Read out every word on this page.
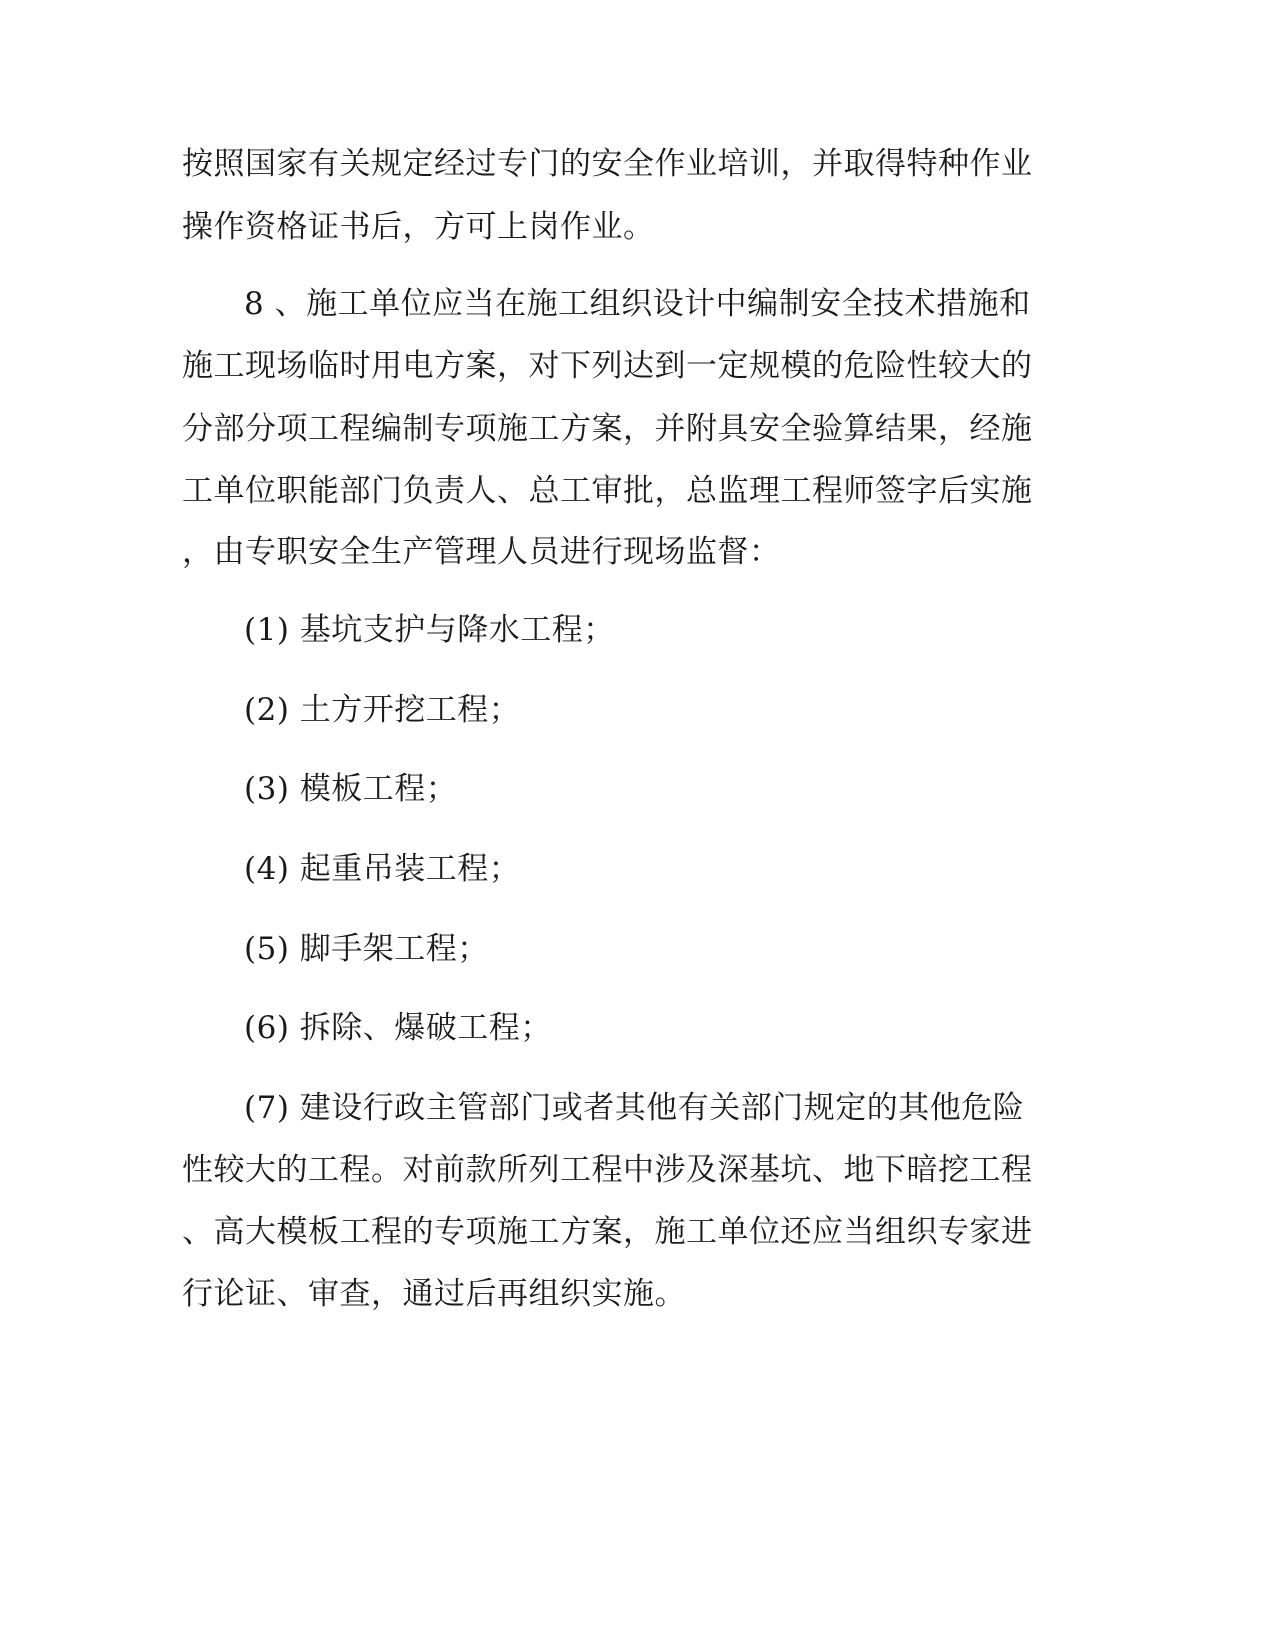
按照国家有关规定经过专门的安全作业培训，并取得特种作业
操作资格证书后，方可上岗作业。
8 、施工单位应当在施工组织设计中编制安全技术措施和
施工现场临时用电方案，对下列达到一定规模的危险性较大的
分部分项工程编制专项施工方案，并附具安全验算结果，经施
工单位职能部门负责人、总工审批，总监理工程师签字后实施
，由专职安全生产管理人员进行现场监督：
(1) 基坑支护与降水工程；
(2) 土方开挖工程；
(3) 模板工程；
(4) 起重吊装工程；
(5) 脚手架工程；
(6) 拆除、爆破工程；
(7) 建设行政主管部门或者其他有关部门规定的其他危险
性较大的工程。对前款所列工程中涉及深基坑、地下暗挖工程
、高大模板工程的专项施工方案，施工单位还应当组织专家进
行论证、审查，通过后再组织实施。
